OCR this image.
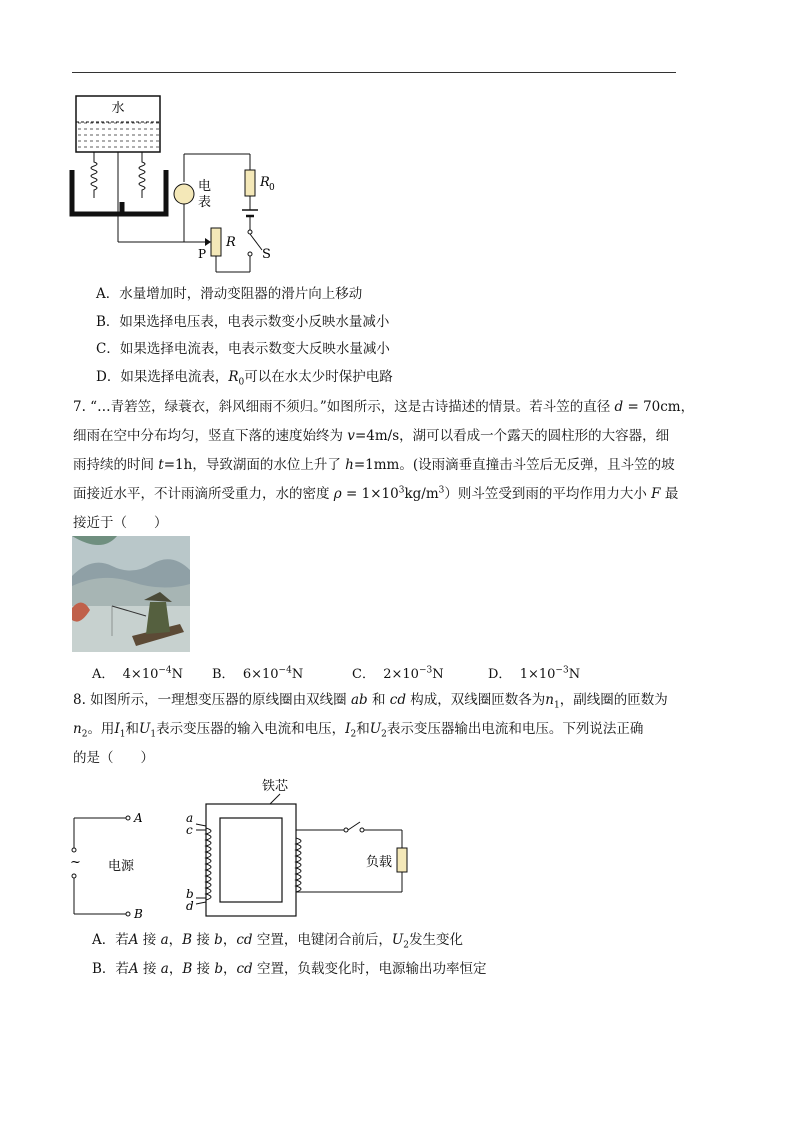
水
电
表
R 0
S
R
P
A．水量增加时，滑动变阻器的滑片向上移动
B．如果选择电压表，电表示数变小反映水量减小
C．如果选择电流表，电表示数变大反映水量减小
D．如果选择电流表，$R_0$可以在水太少时保护电路
7. “…青箬笠，绿蓑衣，斜风细雨不须归。”如图所示，这是古诗描述的情景。若斗笠的直径 d = 70cm，
细雨在空中分布均匀，竖直下落的速度始终为 v=4m/s，湖可以看成一个露天的圆柱形的大容器，细
雨持续的时间 t=1h，导致湖面的水位上升了 h=1mm。(设雨滴垂直撞击斗笠后无反弹，且斗笠的坡
面接近水平，不计雨滴所受重力，水的密度 $\rho = 1\times 10^3kg/m^3$）则斗笠受到雨的平均作用力大小 F 最
接近于（　　）
A． $4\times 10^{-4}N$ B． $6\times 10^{-4}N$	C． $2\times 10^{-3}N$	D． $1\times 10^{-3}N$
8. 如图所示，一理想变压器的原线圈由双线圈 ab 和 cd 构成，双线圈匝数各为$n_1$，副线圈的匝数为
$n_2$。用$I_1$和$U_1$表示变压器的输入电流和电压，$I_2$和$U_2$表示变压器输出电流和电压。下列说法正确
的是（　　）
铁芯
a
c
b
d
负载
A
~
B
电源
A．若A 接 a，B 接 b，cd 空置，电键闭合前后，$U_2$发生变化
B．若A 接 a，B 接 b，cd 空置，负载变化时，电源输出功率恒定
